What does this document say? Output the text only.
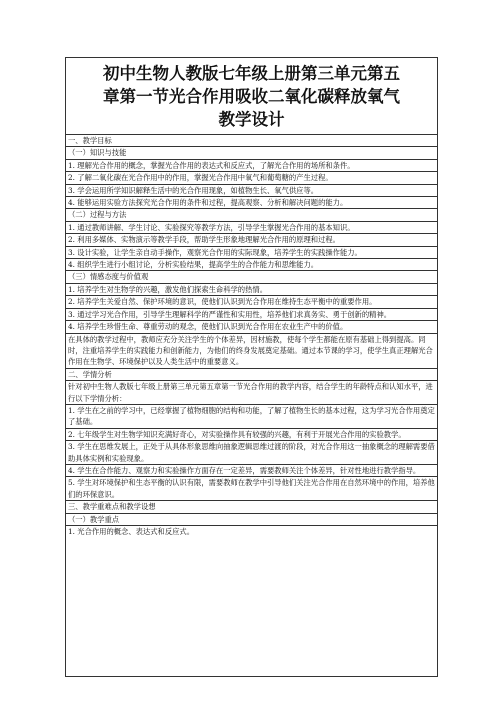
初中生物人教版七年级上册第三单元第五
章第一节光合作用吸收二氧化碳释放氧气
教学设计
一、教学目标
（一）知识与技能
1. 理解光合作用的概念，掌握光合作用的表达式和反应式，了解光合作用的场所和条件。
2. 了解二氧化碳在光合作用中的作用，掌握光合作用中氧气和葡萄糖的产生过程。
3. 学会运用所学知识解释生活中的光合作用现象，如植物生长、氧气供应等。
4. 能够运用实验方法探究光合作用的条件和过程，提高观察、分析和解决问题的能力。
（二）过程与方法
1. 通过教师讲解、学生讨论、实验探究等教学方法，引导学生掌握光合作用的基本知识。
2. 利用多媒体、实物演示等教学手段，帮助学生形象地理解光合作用的原理和过程。
3. 设计实验，让学生亲自动手操作，观察光合作用的实际现象，培养学生的实践操作能力。
4. 组织学生进行小组讨论，分析实验结果，提高学生的合作能力和思维能力。
（三）情感态度与价值观
1. 培养学生对生物学的兴趣，激发他们探索生命科学的热情。
2. 培养学生关爱自然、保护环境的意识，使他们认识到光合作用在维持生态平衡中的重要作用。
3. 通过学习光合作用，引导学生理解科学的严谨性和实用性，培养他们求真务实、勇于创新的精神。
4. 培养学生珍惜生命、尊重劳动的观念，使他们认识到光合作用在农业生产中的价值。
在具体的教学过程中，教师应充分关注学生的个体差异，因材施教，使每个学生都能在原有基础上得到提高。同时，注重培养学生的实践能力和创新能力，为他们的终身发展奠定基础。通过本节课的学习，使学生真正理解光合作用在生物学、环境保护以及人类生活中的重要意义。
二、学情分析
针对初中生物人教版七年级上册第三单元第五章第一节光合作用的教学内容，结合学生的年龄特点和认知水平，进行以下学情分析：
1. 学生在之前的学习中，已经掌握了植物细胞的结构和功能，了解了植物生长的基本过程，这为学习光合作用奠定了基础。
2. 七年级学生对生物学知识充满好奇心，对实验操作具有较强的兴趣，有利于开展光合作用的实验教学。
3. 学生在思维发展上，正处于从具体形象思维向抽象逻辑思维过渡的阶段，对光合作用这一抽象概念的理解需要借助具体实例和实验现象。
4. 学生在合作能力、观察力和实验操作方面存在一定差异，需要教师关注个体差异，针对性地进行教学指导。
5. 学生对环境保护和生态平衡的认识有限，需要教师在教学中引导他们关注光合作用在自然环境中的作用，培养他们的环保意识。
三、教学重难点和教学设想
（一）教学重点
1. 光合作用的概念、表达式和反应式。
